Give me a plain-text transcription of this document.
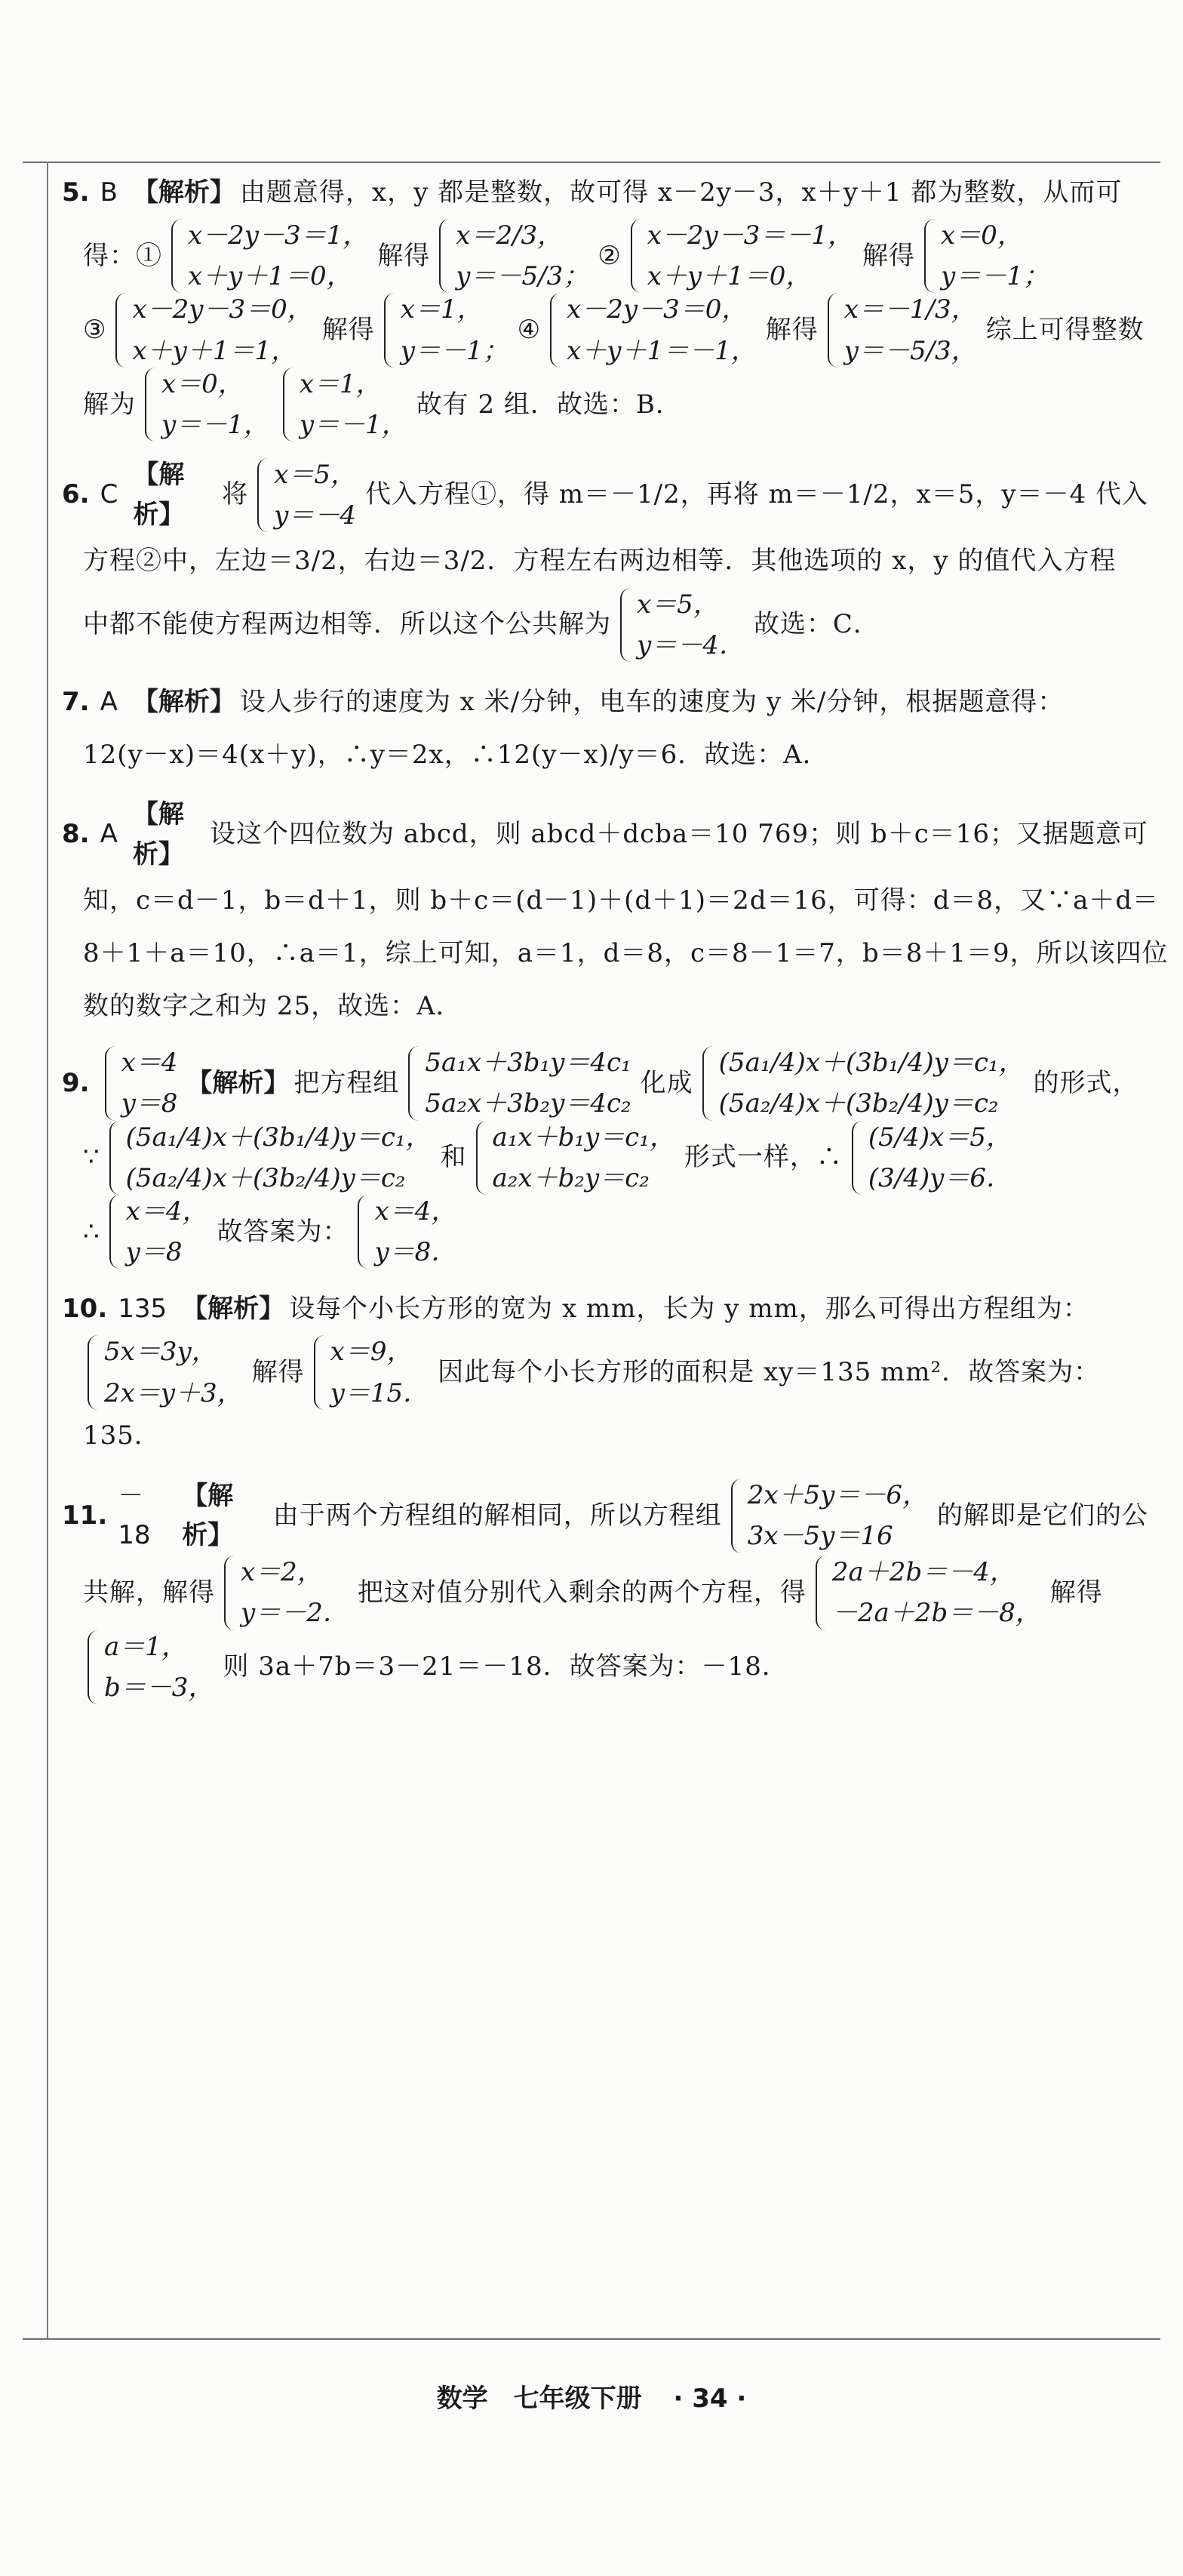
5. B 【解析】 由题意得，x，y 都是整数，故可得 x－2y－3，x＋y＋1 都为整数，从而可
得：①
x－2y－3＝1，
x＋y＋1＝0，
解得
x＝2/3，
y＝－5/3；
②
x－2y－3＝－1，
x＋y＋1＝0，
解得
x＝0，
y＝－1；
③
x－2y－3＝0，
x＋y＋1＝1，
解得
x＝1，
y＝－1；
④
x－2y－3＝0，
x＋y＋1＝－1，
解得
x＝－1/3，
y＝－5/3，
综上可得整数
解为
x＝0，
y＝－1，
x＝1，
y＝－1，
故有 2 组．故选：B．
6. C
【解析】
将
x＝5，
y＝－4
代入方程①，得 m＝－1/2，再将 m＝－1/2，x＝5，y＝－4 代入
方程②中，左边＝3/2，右边＝3/2．方程左右两边相等．其他选项的 x，y 的值代入方程
中都不能使方程两边相等．所以这个公共解为
x＝5，
y＝－4．
故选：C．
7. A 【解析】 设人步行的速度为 x 米/分钟，电车的速度为 y 米/分钟，根据题意得：
12(y－x)＝4(x＋y)，∴y＝2x，∴12(y－x)/y＝6．故选：A．
8. A
【解析】
设这个四位数为 abcd，则 abcd＋dcba＝10 769；则 b＋c＝16；又据题意可
知，c＝d－1，b＝d＋1，则 b＋c＝(d－1)＋(d＋1)＝2d＝16，可得：d＝8，又∵a＋d＝
8＋1＋a＝10，∴a＝1，综上可知，a＝1，d＝8，c＝8－1＝7，b＝8＋1＝9，所以该四位
数的数字之和为 25，故选：A．
9.
x＝4
y＝8
【解析】 把方程组
5a₁x＋3b₁y＝4c₁
5a₂x＋3b₂y＝4c₂
化成
(5a₁/4)x＋(3b₁/4)y＝c₁，
(5a₂/4)x＋(3b₂/4)y＝c₂
的形式，
∵
(5a₁/4)x＋(3b₁/4)y＝c₁，
(5a₂/4)x＋(3b₂/4)y＝c₂
和
a₁x＋b₁y＝c₁，
a₂x＋b₂y＝c₂
形式一样，∴
(5/4)x＝5，
(3/4)y＝6．
∴
x＝4，
y＝8
故答案为：
x＝4，
y＝8．
10. 135 【解析】 设每个小长方形的宽为 x mm，长为 y mm，那么可得出方程组为：
5x＝3y，
2x＝y＋3，
解得
x＝9，
y＝15．
因此每个小长方形的面积是 xy＝135 mm²．故答案为：
135．
11.
－18
【解析】
由于两个方程组的解相同，所以方程组
2x＋5y＝－6，
3x－5y＝16
的解即是它们的公
共解，解得
x＝2，
y＝－2．
把这对值分别代入剩余的两个方程，得
2a＋2b＝－4，
－2a＋2b＝－8，
解得
a＝1，
b＝－3，
则 3a＋7b＝3－21＝－18．故答案为：－18．
数学　七年级下册 · 34 ·
